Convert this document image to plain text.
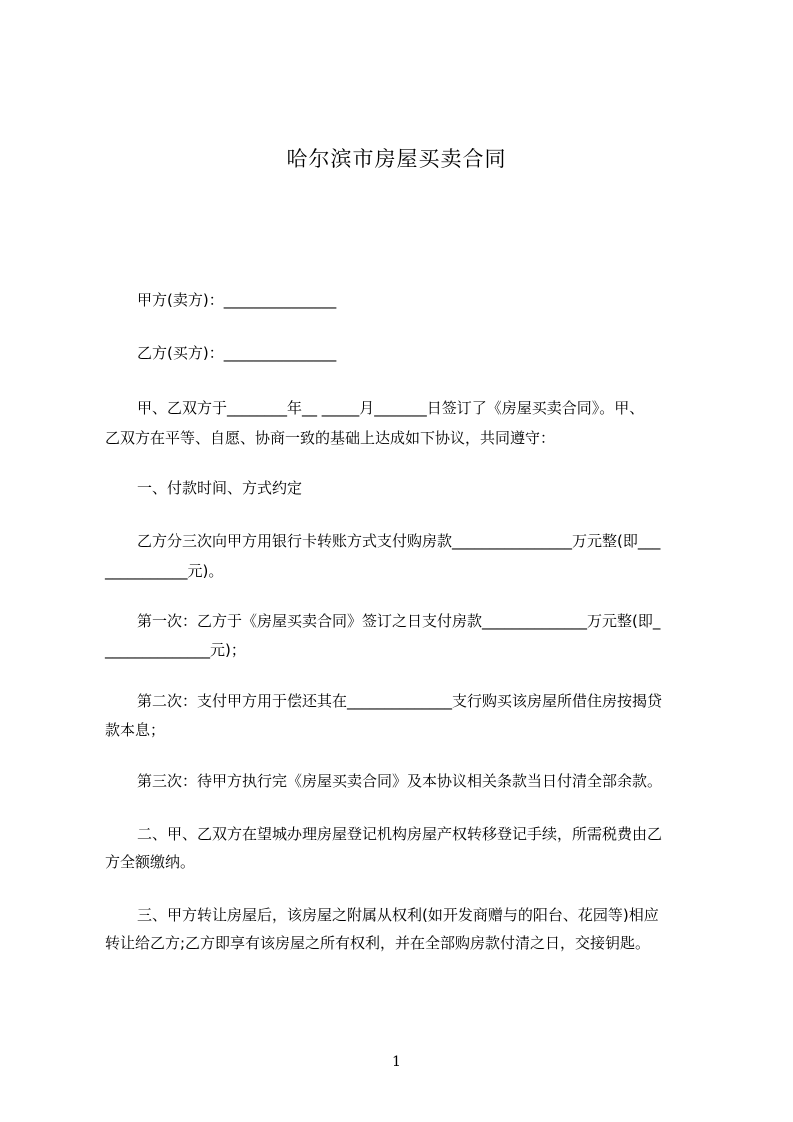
哈尔滨市房屋买卖合同
甲方(卖方)：_______________
乙方(买方)：_______________
甲、乙双方于________年__ _____月_______日签订了《房屋买卖合同》。甲、
乙双方在平等、自愿、协商一致的基础上达成如下协议，共同遵守：
一、付款时间、方式约定
乙方分三次向甲方用银行卡转账方式支付购房款________________万元整(即___
___________元)。
第一次：乙方于《房屋买卖合同》签订之日支付房款______________万元整(即_
______________元)；
第二次：支付甲方用于偿还其在______________支行购买该房屋所借住房按揭贷
款本息；
第三次：待甲方执行完《房屋买卖合同》及本协议相关条款当日付清全部余款。
二、甲、乙双方在望城办理房屋登记机构房屋产权转移登记手续，所需税费由乙
方全额缴纳。
三、甲方转让房屋后，该房屋之附属从权利(如开发商赠与的阳台、花园等)相应
转让给乙方;乙方即享有该房屋之所有权利，并在全部购房款付清之日，交接钥匙。
1
